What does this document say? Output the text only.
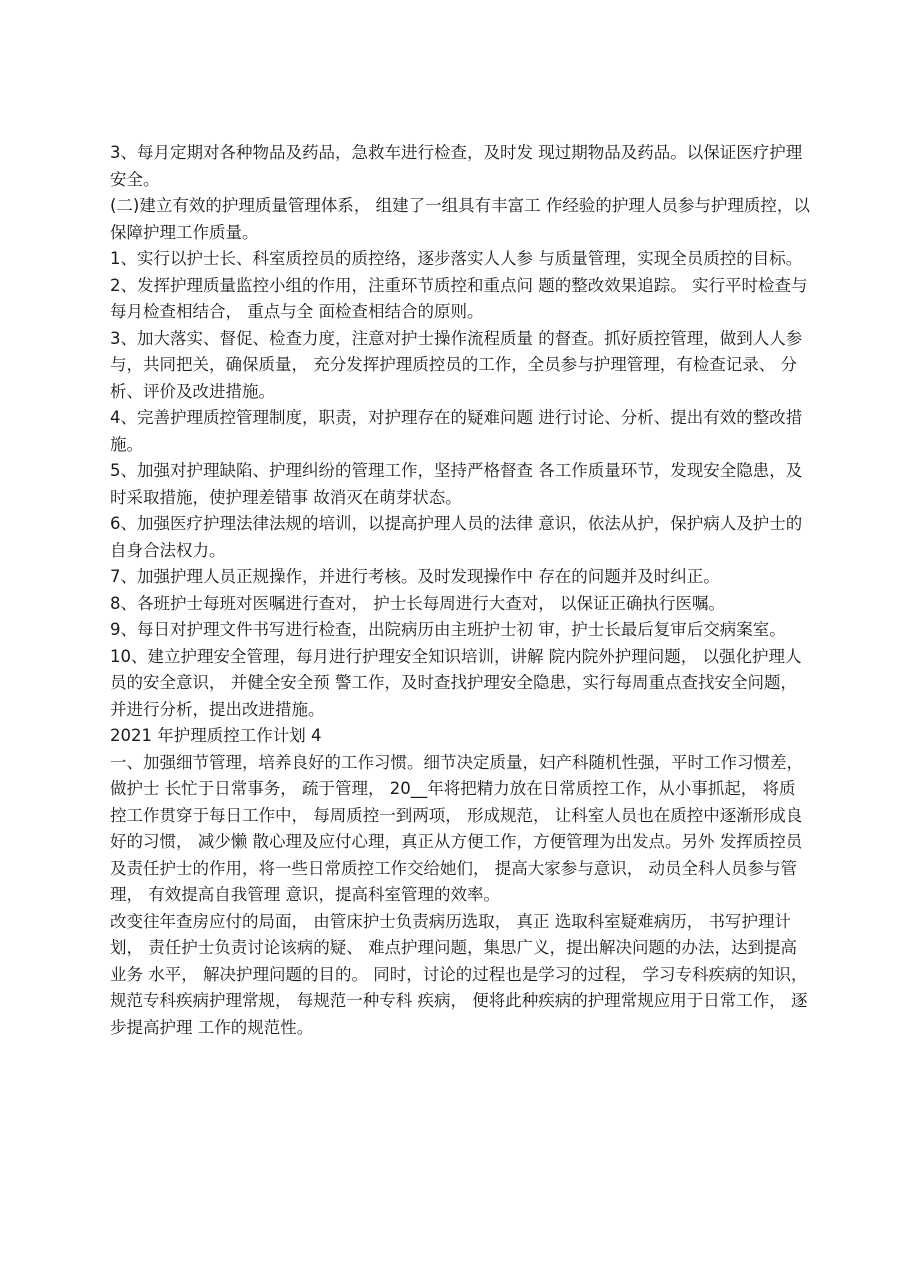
3、每月定期对各种物品及药品，急救车进行检查，及时发 现过期物品及药品。以保证医疗护理安全。

(二)建立有效的护理质量管理体系， 组建了一组具有丰富工 作经验的护理人员参与护理质控，以保障护理工作质量。

1、实行以护士长、科室质控员的质控络，逐步落实人人参 与质量管理，实现全员质控的目标。

2、发挥护理质量监控小组的作用，注重环节质控和重点问 题的整改效果追踪。 实行平时检查与每月检查相结合， 重点与全 面检查相结合的原则。

3、加大落实、督促、检查力度，注意对护士操作流程质量 的督查。抓好质控管理，做到人人参与，共同把关，确保质量， 充分发挥护理质控员的工作，全员参与护理管理，有检查记录、 分析、评价及改进措施。

4、完善护理质控管理制度，职责，对护理存在的疑难问题 进行讨论、分析、提出有效的整改措施。

5、加强对护理缺陷、护理纠纷的管理工作，坚持严格督查 各工作质量环节，发现安全隐患，及时采取措施，使护理差错事 故消灭在萌芽状态。

6、加强医疗护理法律法规的培训，以提高护理人员的法律 意识，依法从护，保护病人及护士的自身合法权力。

7、加强护理人员正规操作，并进行考核。及时发现操作中 存在的问题并及时纠正。

8、各班护士每班对医嘱进行查对， 护士长每周进行大查对， 以保证正确执行医嘱。

9、每日对护理文件书写进行检查，出院病历由主班护士初 审，护士长最后复审后交病案室。

10、建立护理安全管理，每月进行护理安全知识培训，讲解 院内院外护理问题， 以强化护理人员的安全意识， 并健全安全预 警工作，及时查找护理安全隐患，实行每周重点查找安全问题， 并进行分析，提出改进措施。

2021 年护理质控工作计划 4

一、加强细节管理，培养良好的工作习惯。细节决定质量，妇产科随机性强，平时工作习惯差，做护士 长忙于日常事务， 疏于管理， 20__年将把精力放在日常质控工作，从小事抓起， 将质控工作贯穿于每日工作中， 每周质控一到两项， 形成规范， 让科室人员也在质控中逐渐形成良好的习惯， 减少懒 散心理及应付心理，真正从方便工作，方便管理为出发点。另外 发挥质控员及责任护士的作用，将一些日常质控工作交给她们， 提高大家参与意识， 动员全科人员参与管理， 有效提高自我管理 意识，提高科室管理的效率。

改变往年查房应付的局面， 由管床护士负责病历选取， 真正 选取科室疑难病历， 书写护理计划， 责任护士负责讨论该病的疑、 难点护理问题，集思广义，提出解决问题的办法，达到提高业务 水平， 解决护理问题的目的。 同时，讨论的过程也是学习的过程， 学习专科疾病的知识， 规范专科疾病护理常规， 每规范一种专科 疾病， 便将此种疾病的护理常规应用于日常工作， 逐步提高护理 工作的规范性。
